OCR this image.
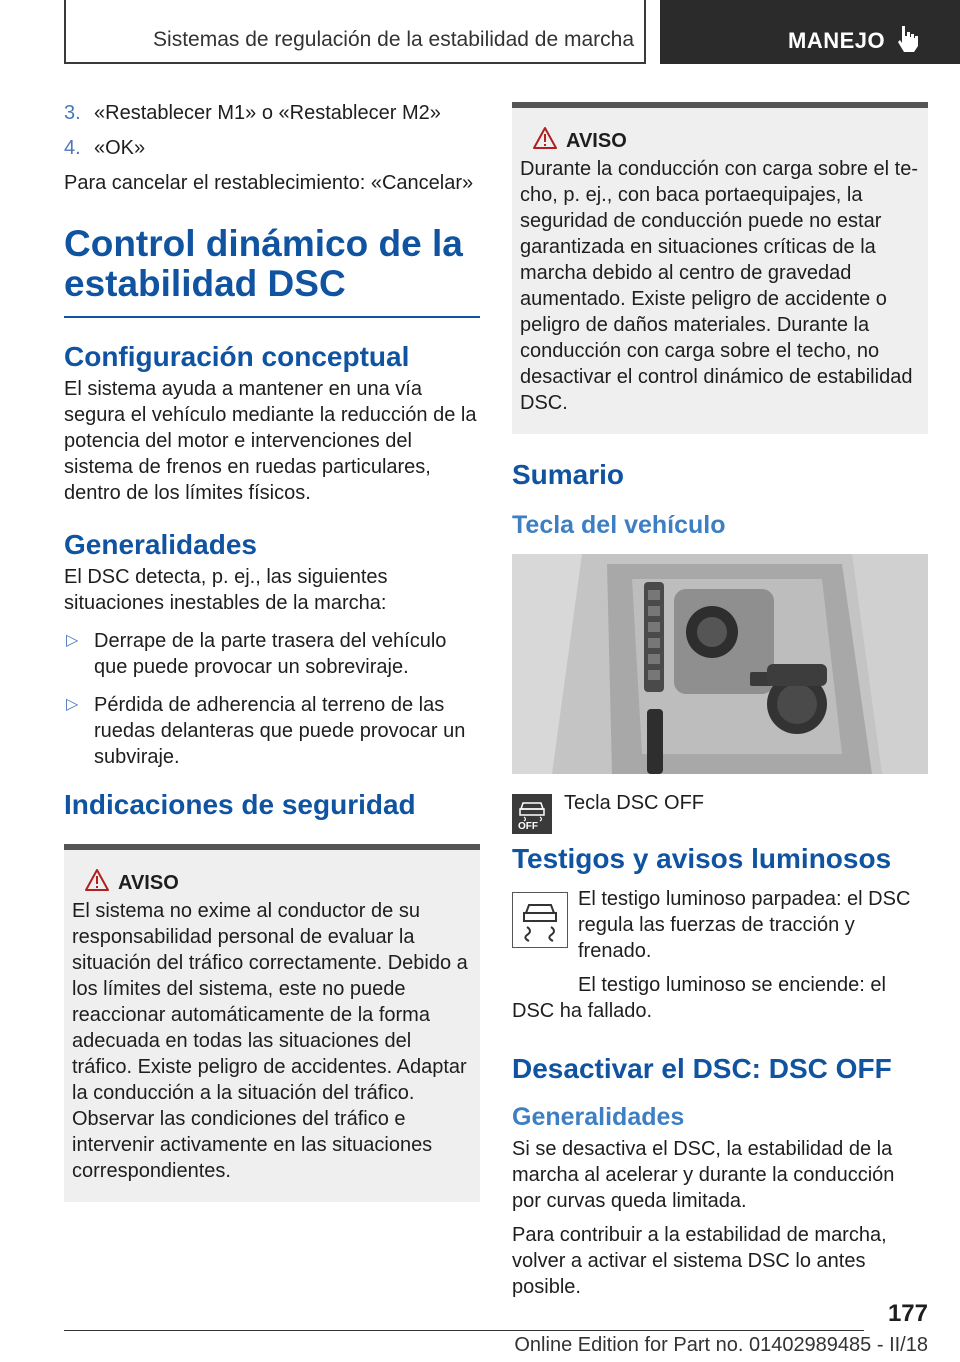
Sistemas de regulación de la estabilidad de marcha	MANEJO
3. «Restablecer M1» o «Restablecer M2»
4. «OK»

Para cancelar el restablecimiento: «Cancelar»

Control dinámico de la estabilidad DSC
Configuración conceptual

El sistema ayuda a mantener en una vía segura el vehículo mediante la reducción de la potencia del motor e intervenciones del sistema de frenos en ruedas particulares, dentro de los límites físicos.

Generalidades

El DSC detecta, p. ej., las siguientes situaciones inestables de la marcha:

▷ Derrape de la parte trasera del vehículo que puede provocar un sobreviraje.
▷ Pérdida de adherencia al terreno de las ruedas delanteras que puede provocar un subviraje.
Indicaciones de seguridad
AVISO

El sistema no exime al conductor de su responsabilidad personal de evaluar la situación del tráfico correctamente. Debido a los límites del sistema, este no puede reaccionar automáticamente de la forma adecuada en todas las situaciones del tráfico. Existe peligro de accidentes. Adaptar la conducción a la situación del tráfico. Observar las condiciones del tráfico e intervenir activamente en las situaciones correspondientes.

AVISO

Durante la conducción con carga sobre el techo, p. ej., con baca portaequipajes, la seguridad de conducción puede no estar garantizada en situaciones críticas de la marcha debido al centro de gravedad aumentado. Existe peligro de accidente o peligro de daños materiales. Durante la conducción con carga sobre el techo, no desactivar el control dinámico de estabilidad DSC.

Sumario
Tecla del vehículo
OFF

Tecla DSC OFF

Testigos y avisos luminosos

El testigo luminoso parpadea: el DSC regula las fuerzas de tracción y frenado.

El testigo luminoso se enciende: el DSC ha fallado.

Desactivar el DSC: DSC OFF
Generalidades

Si se desactiva el DSC, la estabilidad de la marcha al acelerar y durante la conducción por curvas queda limitada.

Para contribuir a la estabilidad de marcha, volver a activar el sistema DSC lo antes posible.

177
Online Edition for Part no. 01402989485 - II/18
